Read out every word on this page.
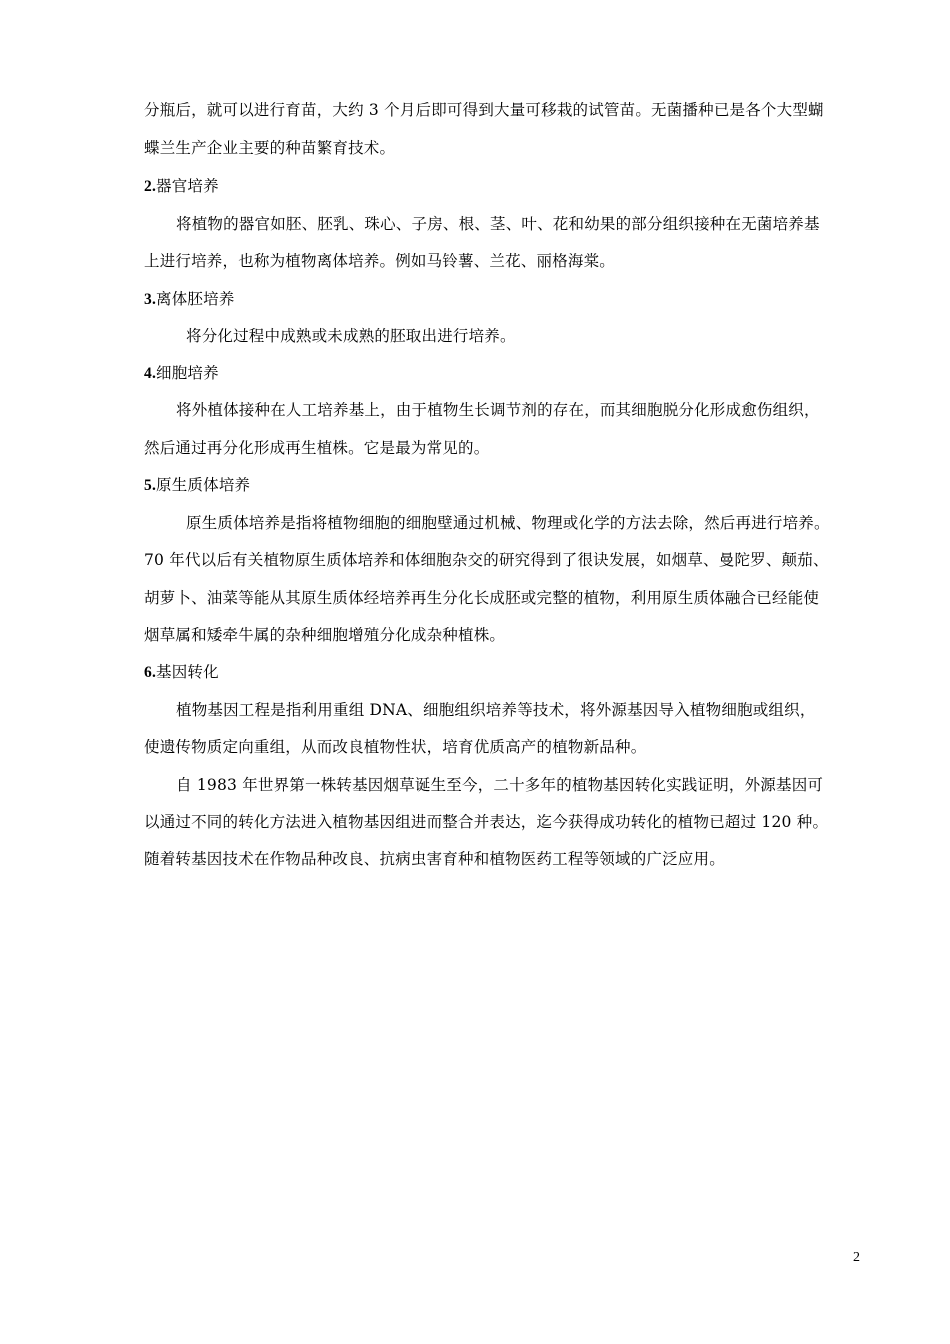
分瓶后，就可以进行育苗，大约 3 个月后即可得到大量可移栽的试管苗。无菌播种已是各个大型蝴
蝶兰生产企业主要的种苗繁育技术。
2.器官培养
将植物的器官如胚、胚乳、珠心、子房、根、茎、叶、花和幼果的部分组织接种在无菌培养基
上进行培养，也称为植物离体培养。例如马铃薯、兰花、丽格海棠。
3.离体胚培养
将分化过程中成熟或未成熟的胚取出进行培养。
4.细胞培养
将外植体接种在人工培养基上，由于植物生长调节剂的存在，而其细胞脱分化形成愈伤组织，
然后通过再分化形成再生植株。它是最为常见的。
5.原生质体培养
原生质体培养是指将植物细胞的细胞壁通过机械、物理或化学的方法去除，然后再进行培养。
70 年代以后有关植物原生质体培养和体细胞杂交的研究得到了很诀发展，如烟草、曼陀罗、颠茄、
胡萝卜、油菜等能从其原生质体经培养再生分化长成胚或完整的植物，利用原生质体融合已经能使
烟草属和矮牵牛属的杂种细胞增殖分化成杂种植株。
6.基因转化
植物基因工程是指利用重组 DNA、细胞组织培养等技术，将外源基因导入植物细胞或组织，
使遗传物质定向重组，从而改良植物性状，培育优质高产的植物新品种。
自 1983 年世界第一株转基因烟草诞生至今，二十多年的植物基因转化实践证明，外源基因可
以通过不同的转化方法进入植物基因组进而整合并表达，迄今获得成功转化的植物已超过 120 种。
随着转基因技术在作物品种改良、抗病虫害育种和植物医药工程等领域的广泛应用。
2
